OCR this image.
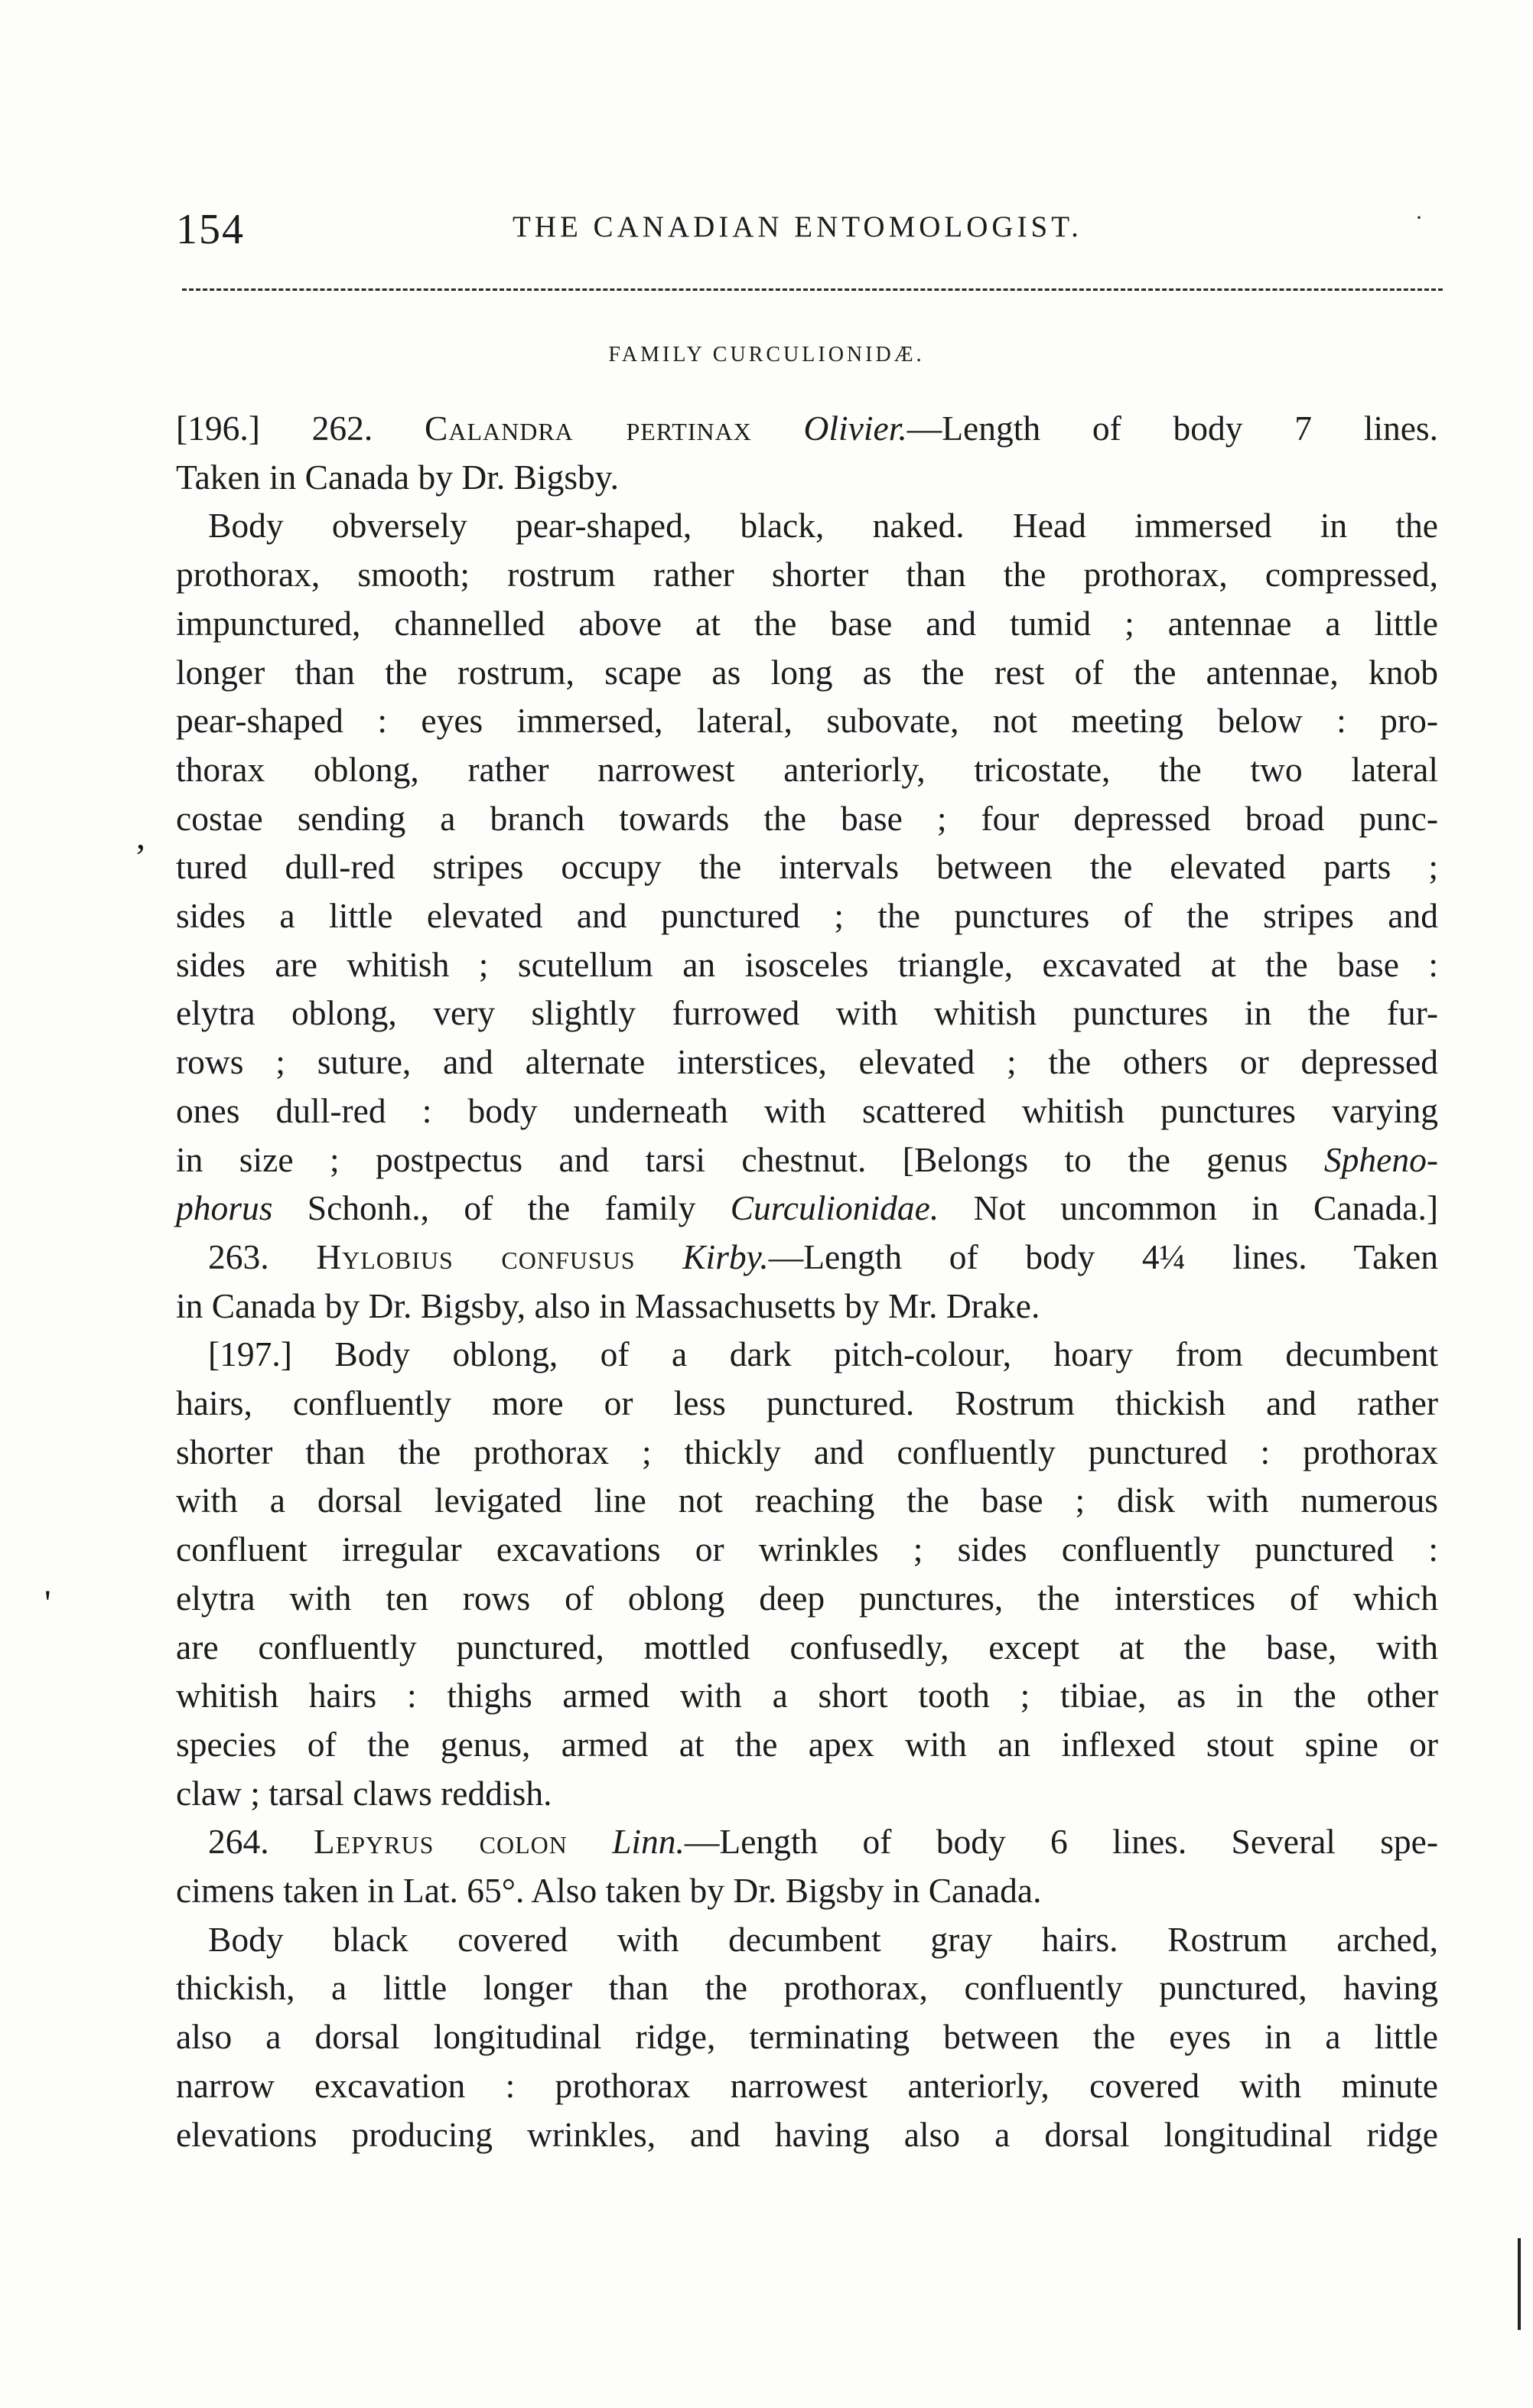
154	THE CANADIAN ENTOMOLOGIST.	·
FAMILY CURCULIONIDÆ.
[196.] 262. Calandra pertinax Olivier.—Length of body 7 lines.
Taken in Canada by Dr. Bigsby.
Body obversely pear-shaped, black, naked. Head immersed in the
prothorax, smooth; rostrum rather shorter than the prothorax, compressed,
impunctured, channelled above at the base and tumid ; antennae a little
longer than the rostrum, scape as long as the rest of the antennae, knob
pear-shaped : eyes immersed, lateral, subovate, not meeting below : pro-
thorax oblong, rather narrowest anteriorly, tricostate, the two lateral
costae sending a branch towards the base ; four depressed broad punc-
tured dull-red stripes occupy the intervals between the elevated parts ;
sides a little elevated and punctured ; the punctures of the stripes and
sides are whitish ; scutellum an isosceles triangle, excavated at the base :
elytra oblong, very slightly furrowed with whitish punctures in the fur-
rows ; suture, and alternate interstices, elevated ; the others or depressed
ones dull-red : body underneath with scattered whitish punctures varying
in size ; postpectus and tarsi chestnut. [Belongs to the genus Spheno-
phorus Schonh., of the family Curculionidae. Not uncommon in Canada.]
263. Hylobius confusus Kirby.—Length of body 4¼ lines. Taken
in Canada by Dr. Bigsby, also in Massachusetts by Mr. Drake.
[197.] Body oblong, of a dark pitch-colour, hoary from decumbent
hairs, confluently more or less punctured. Rostrum thickish and rather
shorter than the prothorax ; thickly and confluently punctured : prothorax
with a dorsal levigated line not reaching the base ; disk with numerous
confluent irregular excavations or wrinkles ; sides confluently punctured :
elytra with ten rows of oblong deep punctures, the interstices of which
are confluently punctured, mottled confusedly, except at the base, with
whitish hairs : thighs armed with a short tooth ; tibiae, as in the other
species of the genus, armed at the apex with an inflexed stout spine or
claw ; tarsal claws reddish.
264. Lepyrus colon Linn.—Length of body 6 lines. Several spe-
cimens taken in Lat. 65°. Also taken by Dr. Bigsby in Canada.
Body black covered with decumbent gray hairs. Rostrum arched,
thickish, a little longer than the prothorax, confluently punctured, having
also a dorsal longitudinal ridge, terminating between the eyes in a little
narrow excavation : prothorax narrowest anteriorly, covered with minute
elevations producing wrinkles, and having also a dorsal longitudinal ridge
,
'
